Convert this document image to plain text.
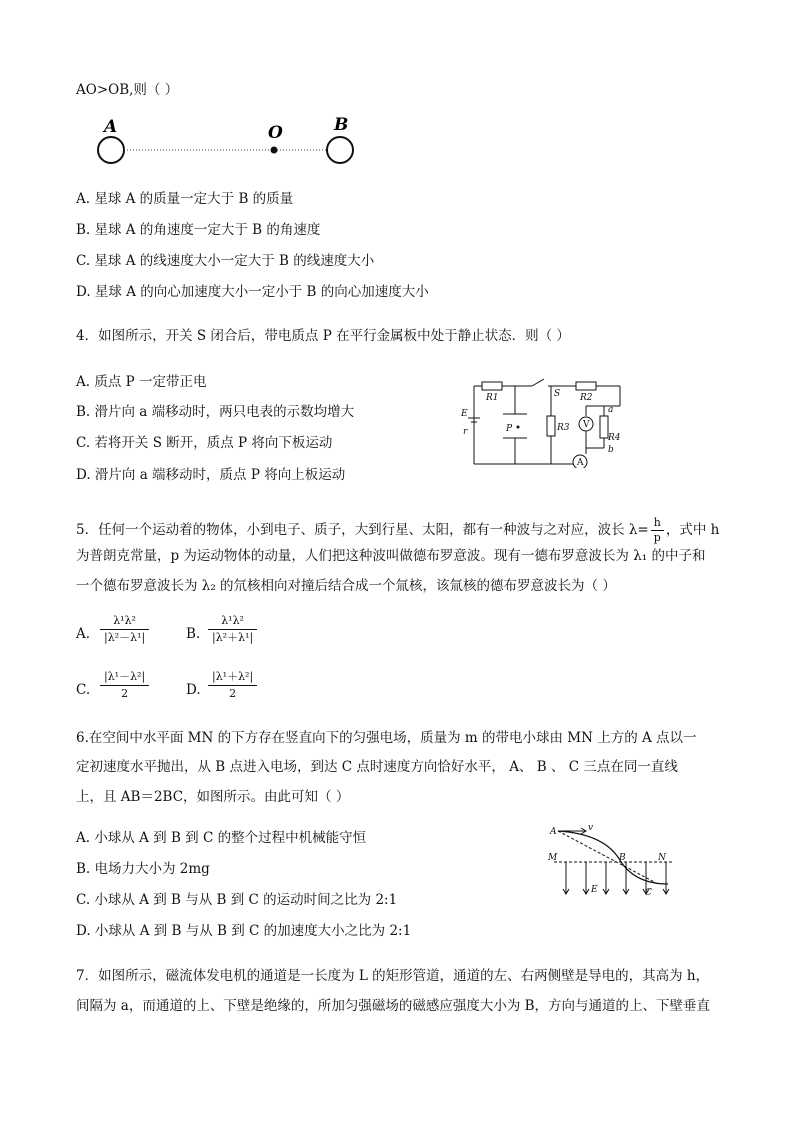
AO>OB,则（ ）
A	O	B
A. 星球 A 的质量一定大于 B 的质量
B. 星球 A 的角速度一定大于 B 的角速度
C. 星球 A 的线速度大小一定大于 B 的线速度大小
D. 星球 A 的向心加速度大小一定小于 B 的向心加速度大小
4．如图所示，开关 S 闭合后，带电质点 P 在平行金属板中处于静止状态．则（ ）
A. 质点 P 一定带正电
B. 滑片向 a 端移动时，两只电表的示数均增大
C. 若将开关 S 断开，质点 P 将向下板运动
D. 滑片向 a 端移动时，质点 P 将向上板运动
R1	S R2
R3
R4
E
r	P	V
A
a
b
5．任何一个运动着的物体，小到电子、质子，大到行星、太阳，都有一种波与之对应，波长 $\lambda= \frac{h}{p}$ ，式中 h
为普朗克常量，p 为运动物体的动量，人们把这种波叫做德布罗意波。现有一德布罗意波长为 λ₁ 的中子和
一个德布罗意波长为 λ₂ 的氘核相向对撞后结合成一个氚核，该氚核的德布罗意波长为（ ）
A. $\frac{\text{λ¹λ²}}{\text{|λ²－λ¹|}}$	B. $\frac{\text{λ¹λ²}}{\text{|λ²＋λ¹|}}$
C. $\frac{\text{|λ¹－λ²|}}{2}$	D. $\frac{\text{|λ¹＋λ²|}}{2}$
6.在空间中水平面 MN 的下方存在竖直向下的匀强电场，质量为 m 的带电小球由 MN 上方的 A 点以一
定初速度水平抛出，从 B 点进入电场，到达 C 点时速度方向恰好水平， A、 B 、 C 三点在同一直线
上，且 AB＝2BC，如图所示。由此可知（ ）
A. 小球从 A 到 B 到 C 的整个过程中机械能守恒
B. 电场力大小为 2mg
C. 小球从 A 到 B 与从 B 到 C 的运动时间之比为 2:1
D. 小球从 A 到 B 与从 B 到 C 的加速度大小之比为 2:1
A	v
M	B	N
E	C
7．如图所示，磁流体发电机的通道是一长度为 L 的矩形管道，通道的左、右两侧壁是导电的，其高为 h，
间隔为 a，而通道的上、下壁是绝缘的，所加匀强磁场的磁感应强度大小为 B，方向与通道的上、下壁垂直
